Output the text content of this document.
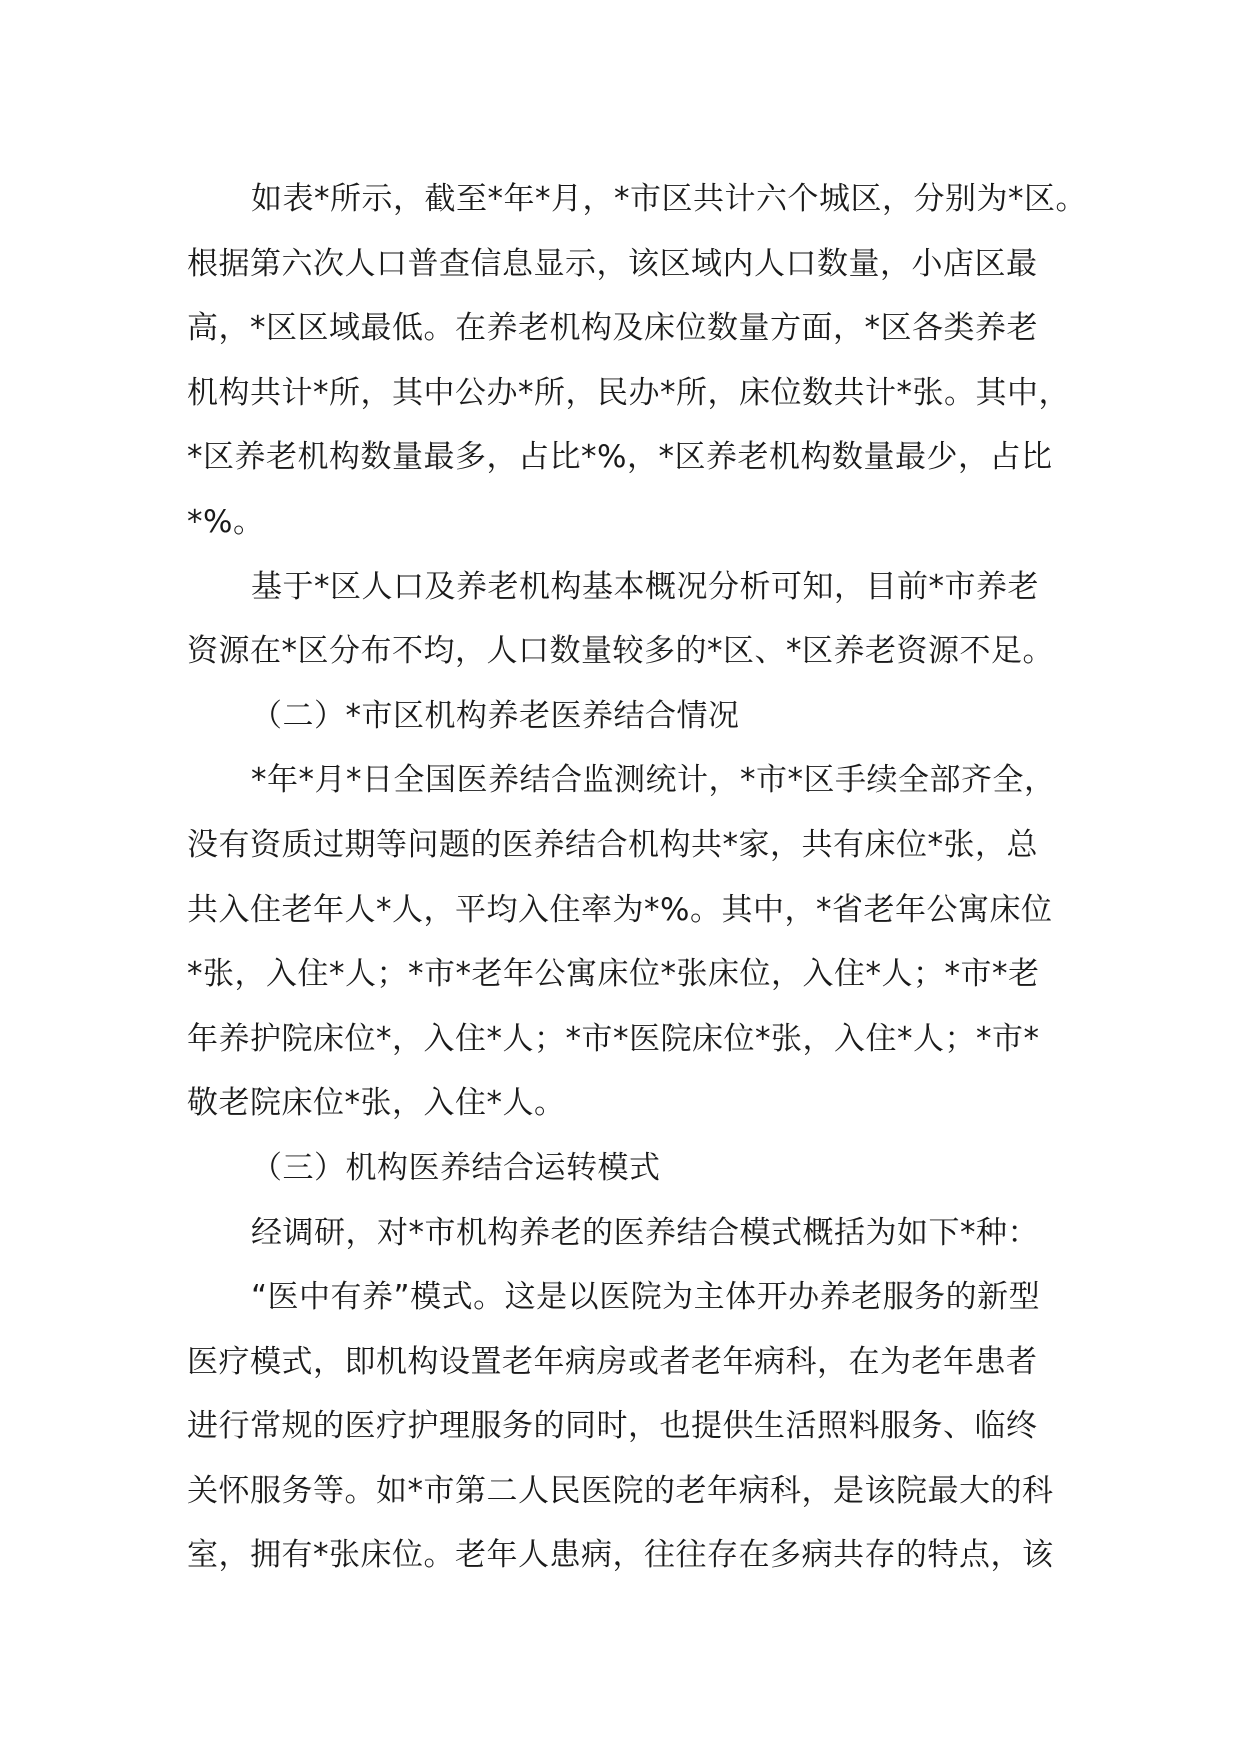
如表*所示，截至*年*月，*市区共计六个城区，分别为*区。
根据第六次人口普查信息显示，该区域内人口数量，小店区最
高，*区区域最低。在养老机构及床位数量方面，*区各类养老
机构共计*所，其中公办*所，民办*所，床位数共计*张。其中，
*区养老机构数量最多，占比*%，*区养老机构数量最少，占比
*%。

基于*区人口及养老机构基本概况分析可知，目前*市养老
资源在*区分布不均，人口数量较多的*区、*区养老资源不足。

（二）*市区机构养老医养结合情况

*年*月*日全国医养结合监测统计，*市*区手续全部齐全，
没有资质过期等问题的医养结合机构共*家，共有床位*张，总
共入住老年人*人，平均入住率为*%。其中，*省老年公寓床位
*张，入住*人；*市*老年公寓床位*张床位，入住*人；*市*老
年养护院床位*，入住*人；*市*医院床位*张，入住*人；*市*
敬老院床位*张，入住*人。

（三）机构医养结合运转模式

经调研，对*市机构养老的医养结合模式概括为如下*种：

“医中有养”模式。这是以医院为主体开办养老服务的新型
医疗模式，即机构设置老年病房或者老年病科，在为老年患者
进行常规的医疗护理服务的同时，也提供生活照料服务、临终
关怀服务等。如*市第二人民医院的老年病科，是该院最大的科
室，拥有*张床位。老年人患病，往往存在多病共存的特点，该
